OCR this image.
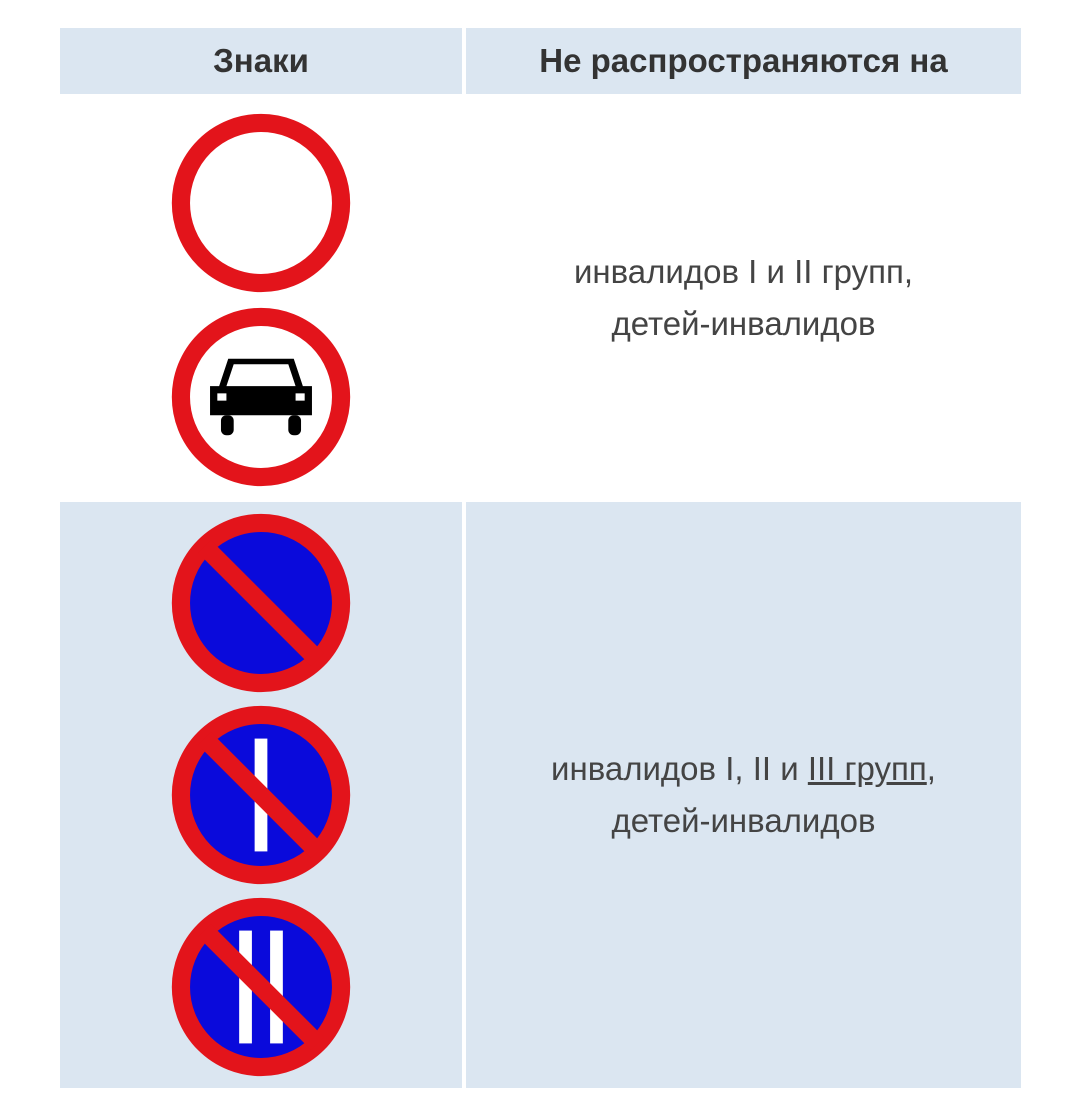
Знаки	Не распространяются на
инвалидов I и II групп,
детей-инвалидов
инвалидов I, II и III групп,
детей-инвалидов
